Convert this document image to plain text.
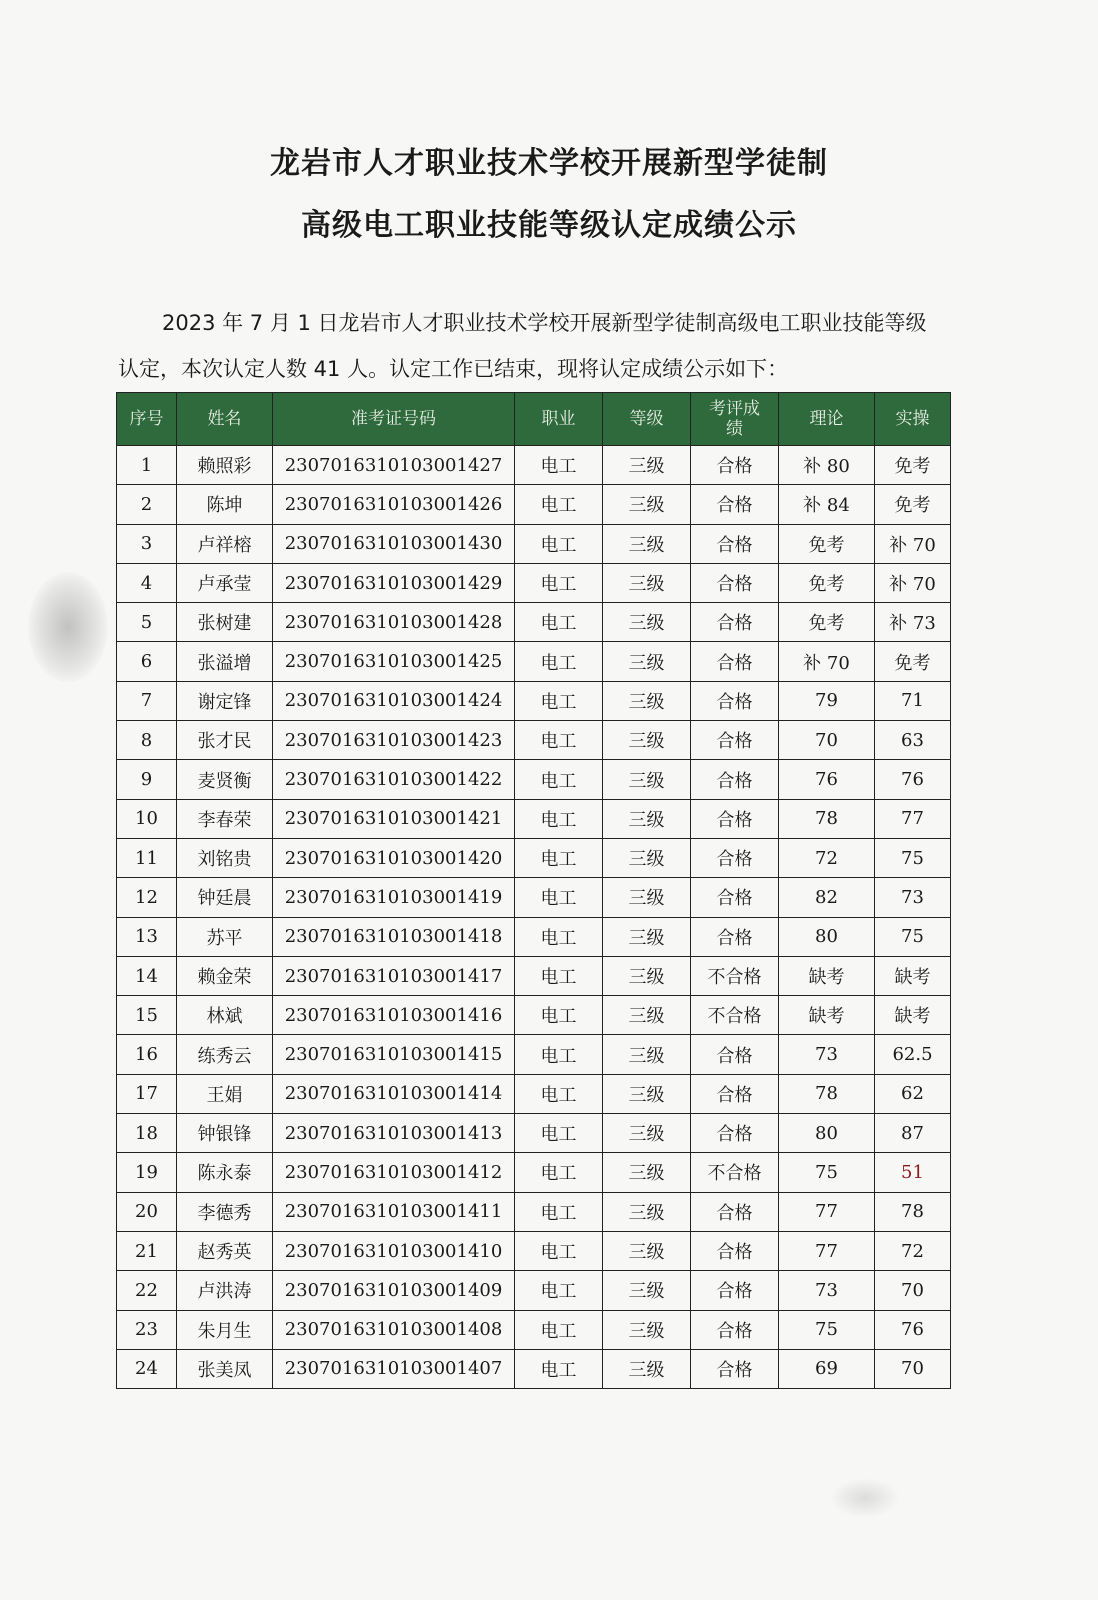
龙岩市人才职业技术学校开展新型学徒制
高级电工职业技能等级认定成绩公示
2023 年 7 月 1 日龙岩市人才职业技术学校开展新型学徒制高级电工职业技能等级
认定，本次认定人数 41 人。认定工作已结束，现将认定成绩公示如下：
序号	姓名	准考证号码	职业	等级	考评成绩	理论	实操
1	赖照彩	2307016310103001427	电工	三级	合格	补 80	免考
2	陈坤	2307016310103001426	电工	三级	合格	补 84	免考
3	卢祥榕	2307016310103001430	电工	三级	合格	免考	补 70
4	卢承莹	2307016310103001429	电工	三级	合格	免考	补 70
5	张树建	2307016310103001428	电工	三级	合格	免考	补 73
6	张溢增	2307016310103001425	电工	三级	合格	补 70	免考
7	谢定锋	2307016310103001424	电工	三级	合格	79	71
8	张才民	2307016310103001423	电工	三级	合格	70	63
9	麦贤衡	2307016310103001422	电工	三级	合格	76	76
10	李春荣	2307016310103001421	电工	三级	合格	78	77
11	刘铭贵	2307016310103001420	电工	三级	合格	72	75
12	钟廷晨	2307016310103001419	电工	三级	合格	82	73
13	苏平	2307016310103001418	电工	三级	合格	80	75
14	赖金荣	2307016310103001417	电工	三级	不合格	缺考	缺考
15	林斌	2307016310103001416	电工	三级	不合格	缺考	缺考
16	练秀云	2307016310103001415	电工	三级	合格	73	62.5
17	王娟	2307016310103001414	电工	三级	合格	78	62
18	钟银锋	2307016310103001413	电工	三级	合格	80	87
19	陈永泰	2307016310103001412	电工	三级	不合格	75	51
20	李德秀	2307016310103001411	电工	三级	合格	77	78
21	赵秀英	2307016310103001410	电工	三级	合格	77	72
22	卢洪涛	2307016310103001409	电工	三级	合格	73	70
23	朱月生	2307016310103001408	电工	三级	合格	75	76
24	张美凤	2307016310103001407	电工	三级	合格	69	70
